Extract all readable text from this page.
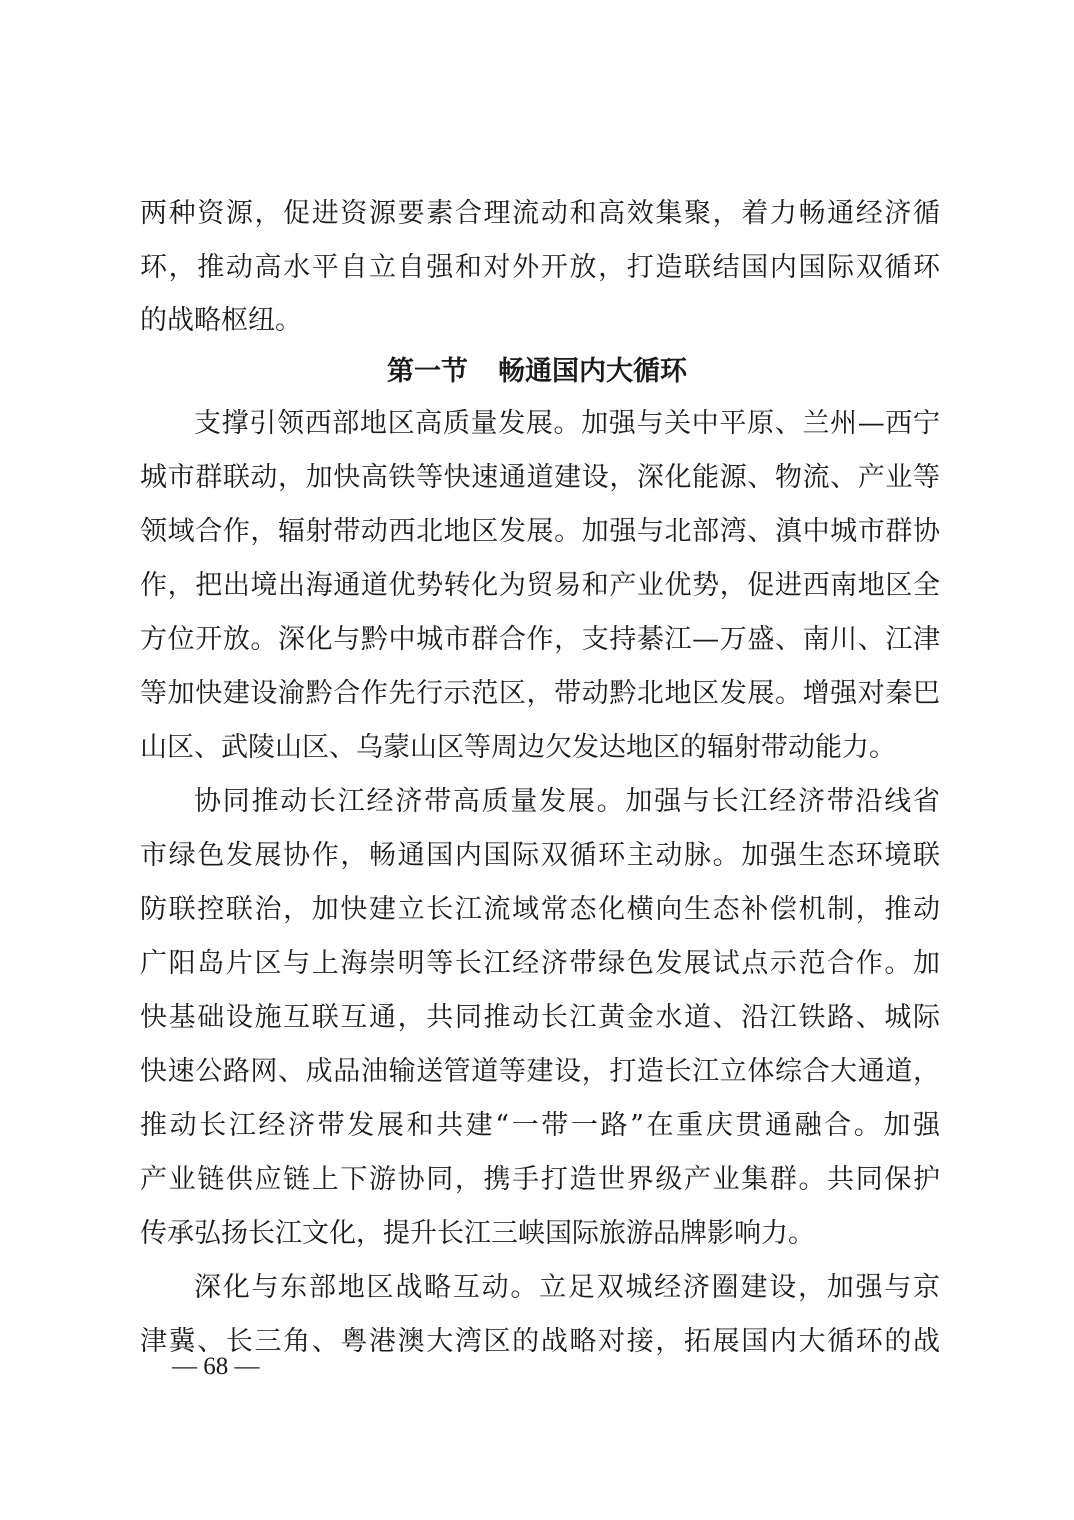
两种资源，促进资源要素合理流动和高效集聚，着力畅通经济循
环，推动高水平自立自强和对外开放，打造联结国内国际双循环
的战略枢纽。
第一节 畅通国内大循环
支撑引领西部地区高质量发展。加强与关中平原、兰州—西宁
城市群联动，加快高铁等快速通道建设，深化能源、物流、产业等
领域合作，辐射带动西北地区发展。加强与北部湾、滇中城市群协
作，把出境出海通道优势转化为贸易和产业优势，促进西南地区全
方位开放。深化与黔中城市群合作，支持綦江—万盛、南川、江津
等加快建设渝黔合作先行示范区，带动黔北地区发展。增强对秦巴
山区、武陵山区、乌蒙山区等周边欠发达地区的辐射带动能力。
协同推动长江经济带高质量发展。加强与长江经济带沿线省
市绿色发展协作，畅通国内国际双循环主动脉。加强生态环境联
防联控联治，加快建立长江流域常态化横向生态补偿机制，推动
广阳岛片区与上海崇明等长江经济带绿色发展试点示范合作。加
快基础设施互联互通，共同推动长江黄金水道、沿江铁路、城际
快速公路网、成品油输送管道等建设，打造长江立体综合大通道，
推动长江经济带发展和共建“一带一路”在重庆贯通融合。加强
产业链供应链上下游协同，携手打造世界级产业集群。共同保护
传承弘扬长江文化，提升长江三峡国际旅游品牌影响力。
深化与东部地区战略互动。立足双城经济圈建设，加强与京
津冀、长三角、粤港澳大湾区的战略对接，拓展国内大循环的战
— 68 —
